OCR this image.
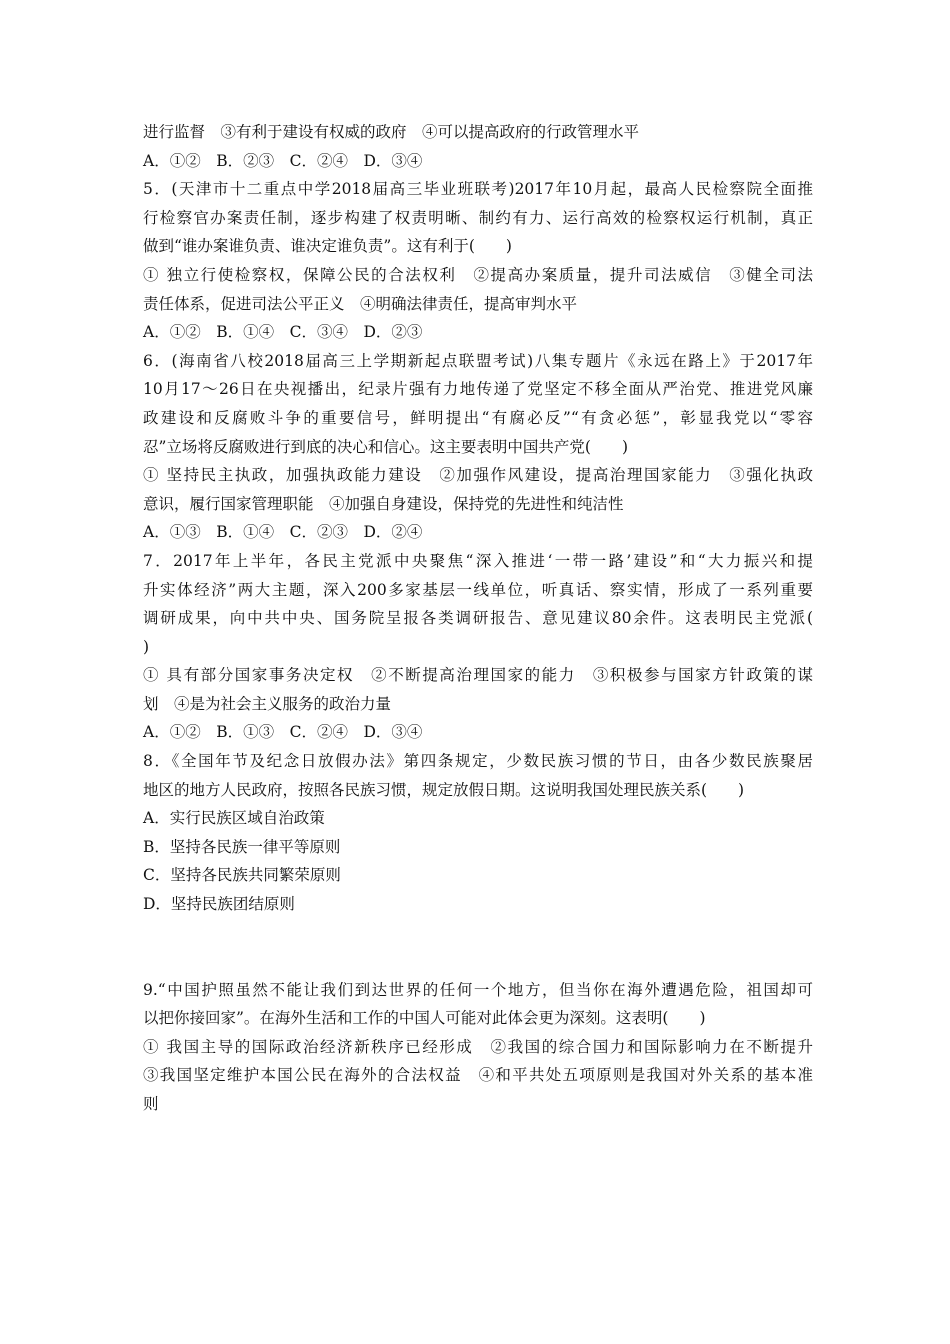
进行监督　③有利于建设有权威的政府　④可以提高政府的行政管理水平
A．①②　B．②③　C．②④　D．③④
5．(天津市十二重点中学2018届高三毕业班联考)2017年10月起，最高人民检察院全面推
行检察官办案责任制，逐步构建了权责明晰、制约有力、运行高效的检察权运行机制，真正
做到“谁办案谁负责、谁决定谁负责”。这有利于(　　)
① 独立行使检察权，保障公民的合法权利　②提高办案质量，提升司法威信　③健全司法
责任体系，促进司法公平正义　④明确法律责任，提高审判水平
A．①②　B．①④　C．③④　D．②③
6．(海南省八校2018届高三上学期新起点联盟考试)八集专题片《永远在路上》于2017年
10月17～26日在央视播出，纪录片强有力地传递了党坚定不移全面从严治党、推进党风廉
政建设和反腐败斗争的重要信号，鲜明提出“有腐必反”“有贪必惩”，彰显我党以“零容
忍”立场将反腐败进行到底的决心和信心。这主要表明中国共产党(　　)
① 坚持民主执政，加强执政能力建设　②加强作风建设，提高治理国家能力　③强化执政
意识，履行国家管理职能　④加强自身建设，保持党的先进性和纯洁性
A．①③　B．①④　C．②③　D．②④
7．2017年上半年，各民主党派中央聚焦“深入推进‘一带一路’建设”和“大力振兴和提
升实体经济”两大主题，深入200多家基层一线单位，听真话、察实情，形成了一系列重要
调研成果，向中共中央、国务院呈报各类调研报告、意见建议80余件。这表明民主党派(
)
① 具有部分国家事务决定权　②不断提高治理国家的能力　③积极参与国家方针政策的谋
划　④是为社会主义服务的政治力量
A．①②　B．①③　C．②④　D．③④
8．《全国年节及纪念日放假办法》第四条规定，少数民族习惯的节日，由各少数民族聚居
地区的地方人民政府，按照各民族习惯，规定放假日期。这说明我国处理民族关系(　　)
A．实行民族区域自治政策
B．坚持各民族一律平等原则
C．坚持各民族共同繁荣原则
D．坚持民族团结原则
9.“中国护照虽然不能让我们到达世界的任何一个地方，但当你在海外遭遇危险，祖国却可
以把你接回家”。在海外生活和工作的中国人可能对此体会更为深刻。这表明(　　)
① 我国主导的国际政治经济新秩序已经形成　②我国的综合国力和国际影响力在不断提升
③我国坚定维护本国公民在海外的合法权益　④和平共处五项原则是我国对外关系的基本准
则
